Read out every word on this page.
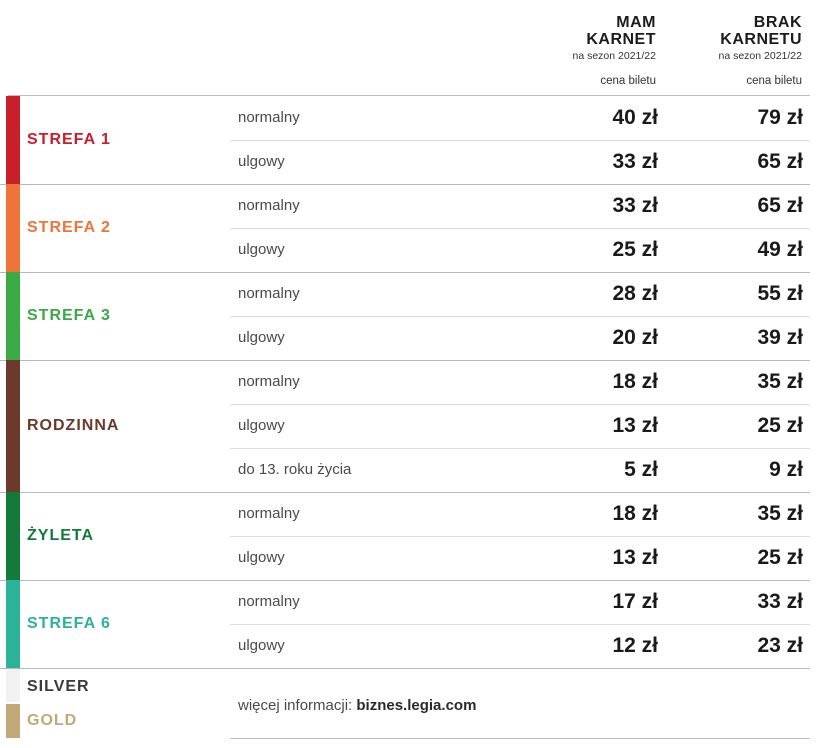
MAM
KARNET
na sezon 2021/22
cena biletu
BRAK
KARNETU
na sezon 2021/22
cena biletu
STREFA 1
normalny	40 zł	79 zł
ulgowy	33 zł	65 zł
STREFA 2
normalny	33 zł	65 zł
ulgowy	25 zł	49 zł
STREFA 3
normalny	28 zł	55 zł
ulgowy	20 zł	39 zł
RODZINNA
normalny	18 zł	35 zł
ulgowy	13 zł	25 zł
do 13. roku życia	5 zł	9 zł
ŻYLETA
normalny	18 zł	35 zł
ulgowy	13 zł	25 zł
STREFA 6
normalny	17 zł	33 zł
ulgowy	12 zł	23 zł
SILVER
GOLD
więcej informacji: biznes.legia.com
